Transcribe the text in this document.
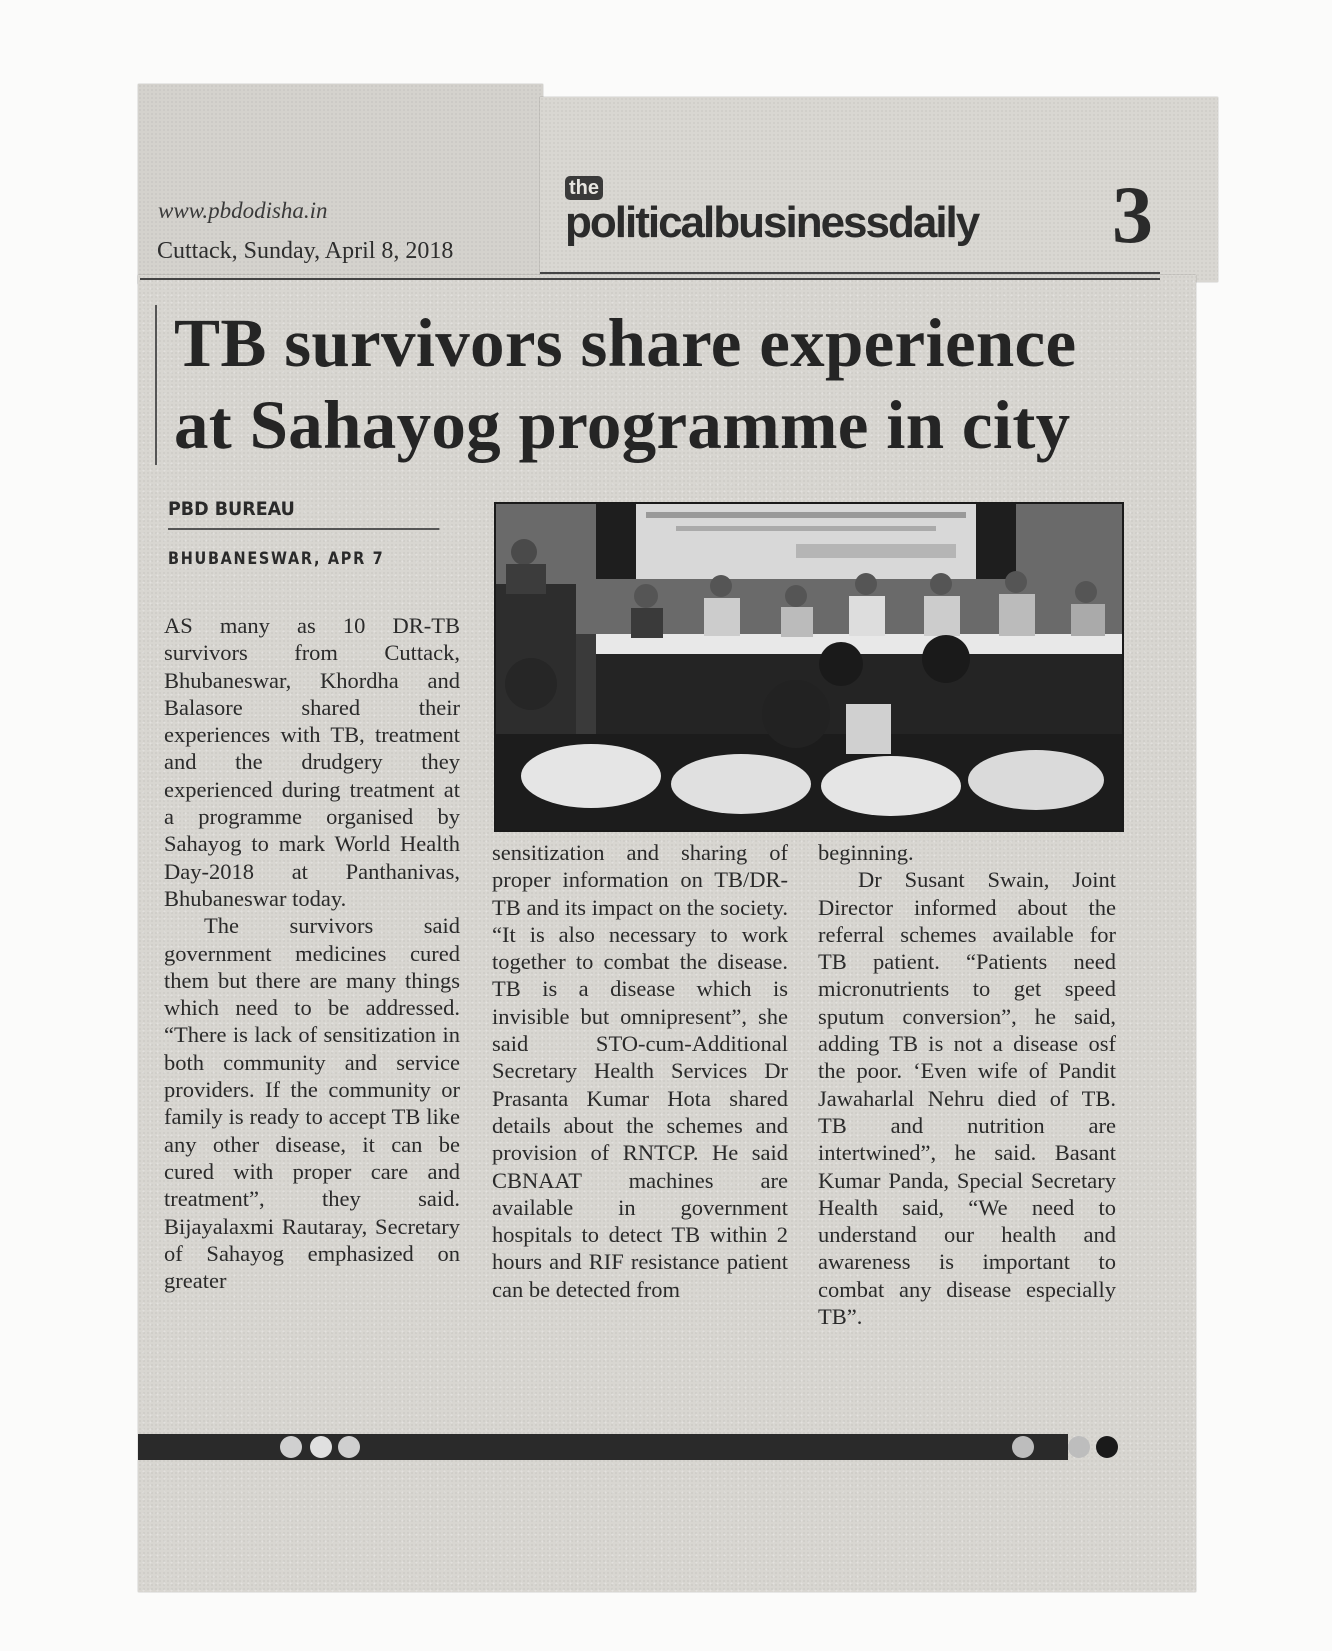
www.pbdodisha.in
Cuttack, Sunday, April 8, 2018
the
politicalbusinessdaily 3
TB survivors share experience
at Sahayog programme in city
PBD BUREAU
BHUBANESWAR, APR 7

AS many as 10 DR-TB survivors from Cuttack, Bhubaneswar, Khordha and Balasore shared their experiences with TB, treatment and the drudgery they experienced during treatment at a programme organised by Sahayog to mark World Health Day-2018 at Panthanivas, Bhubaneswar today.

The survivors said government medicines cured them but there are many things which need to be addressed. “There is lack of sensitization in both community and service providers. If the community or family is ready to accept TB like any other disease, it can be cured with proper care and treatment”, they said. Bijayalaxmi Rautaray, Secretary of Sahayog emphasized on greater

sensitization and sharing of proper information on TB/DR-TB and its impact on the society. “It is also necessary to work together to combat the disease. TB is a disease which is invisible but omnipresent”, she said STO-cum-Additional Secretary Health Services Dr Prasanta Kumar Hota shared details about the schemes and provision of RNTCP. He said CBNAAT machines are available in government hospitals to detect TB within 2 hours and RIF resistance patient can be detected from

beginning.

Dr Susant Swain, Joint Director informed about the referral schemes available for TB patient. “Patients need micronutrients to get speed sputum conversion”, he said, adding TB is not a disease osf the poor. ‘Even wife of Pandit Jawaharlal Nehru died of TB. TB and nutrition are intertwined”, he said. Basant Kumar Panda, Special Secretary Health said, “We need to understand our health and awareness is important to combat any disease especially TB”.
